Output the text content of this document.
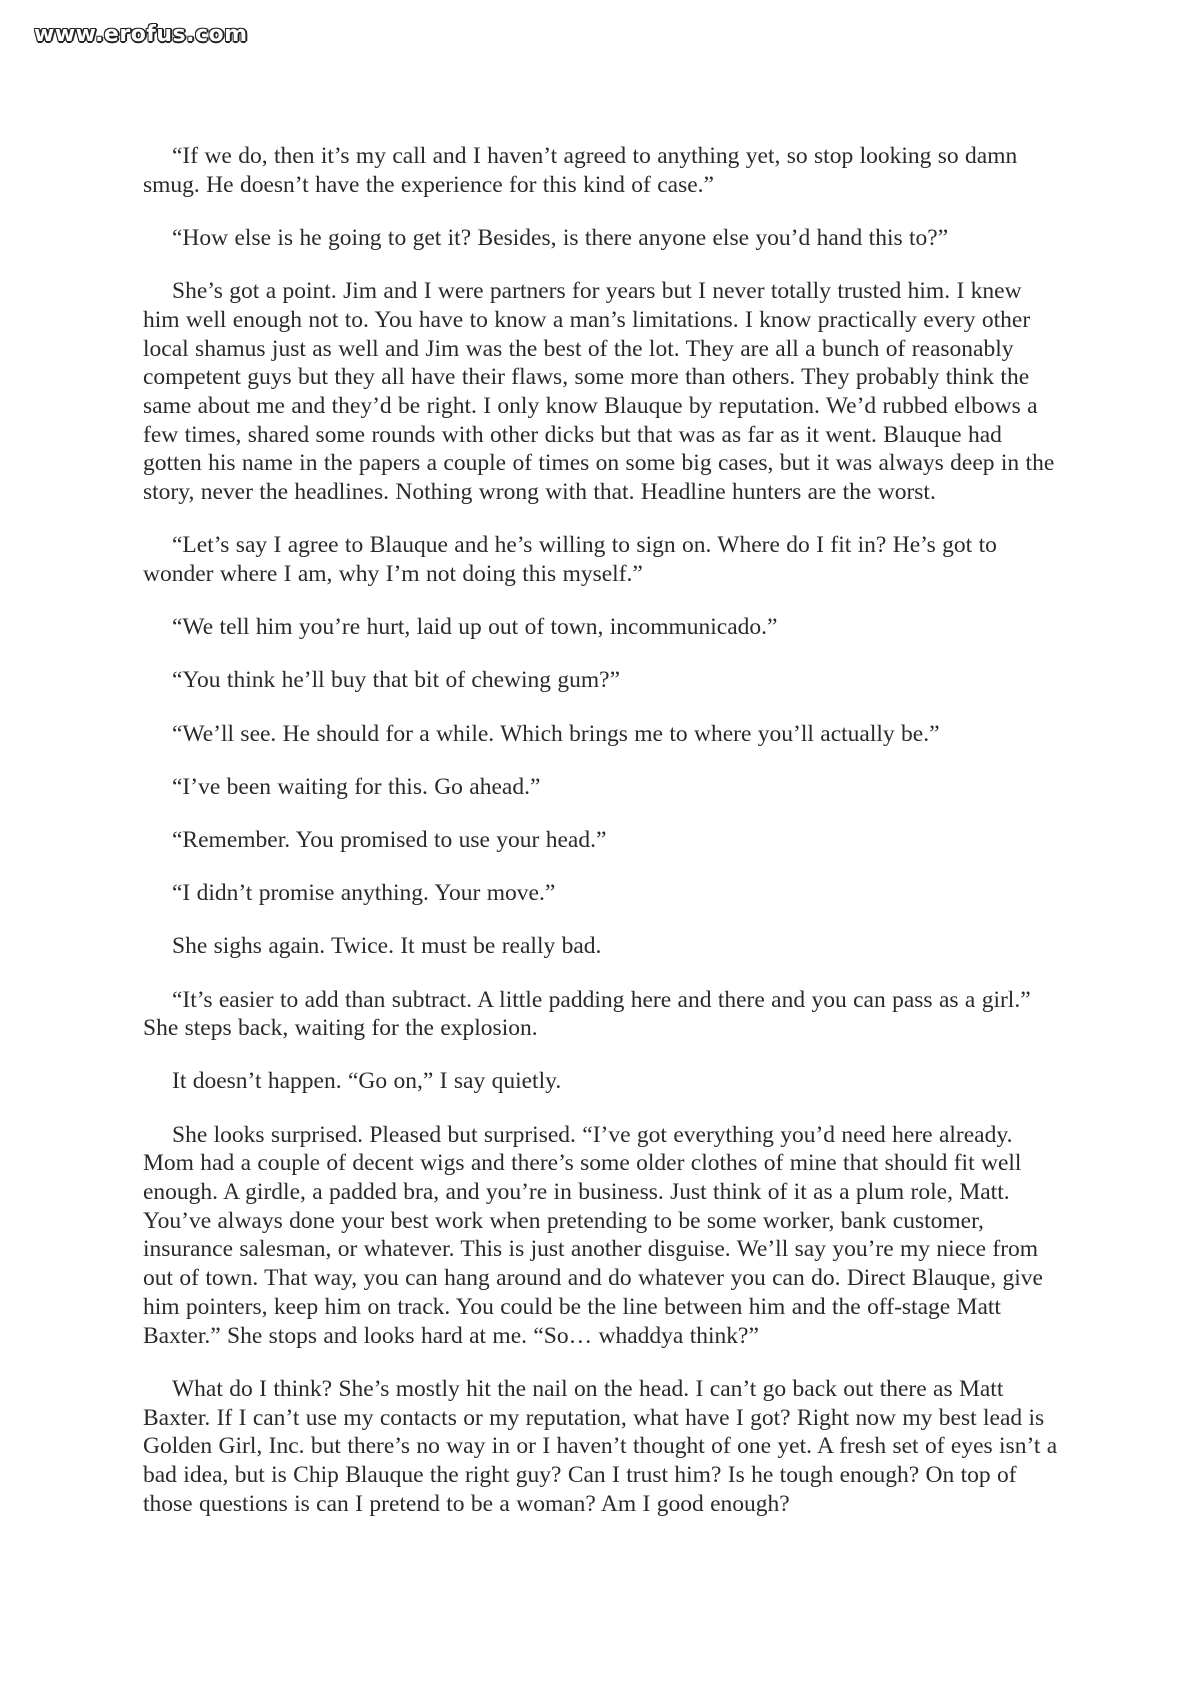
www.erofus.com

“If we do, then it’s my call and I haven’t agreed to anything yet, so stop looking so damn smug. He doesn’t have the experience for this kind of case.”

“How else is he going to get it? Besides, is there anyone else you’d hand this to?”

She’s got a point. Jim and I were partners for years but I never totally trusted him. I knew him well enough not to. You have to know a man’s limitations. I know practically every other local shamus just as well and Jim was the best of the lot. They are all a bunch of reasonably competent guys but they all have their flaws, some more than others. They probably think the same about me and they’d be right. I only know Blauque by reputation. We’d rubbed elbows a few times, shared some rounds with other dicks but that was as far as it went. Blauque had gotten his name in the papers a couple of times on some big cases, but it was always deep in the story, never the headlines. Nothing wrong with that. Headline hunters are the worst.

“Let’s say I agree to Blauque and he’s willing to sign on. Where do I fit in? He’s got to wonder where I am, why I’m not doing this myself.”

“We tell him you’re hurt, laid up out of town, incommunicado.”

“You think he’ll buy that bit of chewing gum?”

“We’ll see. He should for a while. Which brings me to where you’ll actually be.”

“I’ve been waiting for this. Go ahead.”

“Remember. You promised to use your head.”

“I didn’t promise anything. Your move.”

She sighs again. Twice. It must be really bad.

“It’s easier to add than subtract. A little padding here and there and you can pass as a girl.” She steps back, waiting for the explosion.

It doesn’t happen. “Go on,” I say quietly.

She looks surprised. Pleased but surprised. “I’ve got everything you’d need here already. Mom had a couple of decent wigs and there’s some older clothes of mine that should fit well enough. A girdle, a padded bra, and you’re in business. Just think of it as a plum role, Matt. You’ve always done your best work when pretending to be some worker, bank customer, insurance salesman, or whatever. This is just another disguise. We’ll say you’re my niece from out of town. That way, you can hang around and do whatever you can do. Direct Blauque, give him pointers, keep him on track. You could be the line between him and the off-stage Matt Baxter.” She stops and looks hard at me. “So… whaddya think?”

What do I think? She’s mostly hit the nail on the head. I can’t go back out there as Matt Baxter. If I can’t use my contacts or my reputation, what have I got? Right now my best lead is Golden Girl, Inc. but there’s no way in or I haven’t thought of one yet. A fresh set of eyes isn’t a bad idea, but is Chip Blauque the right guy? Can I trust him? Is he tough enough? On top of those questions is can I pretend to be a woman? Am I good enough?
